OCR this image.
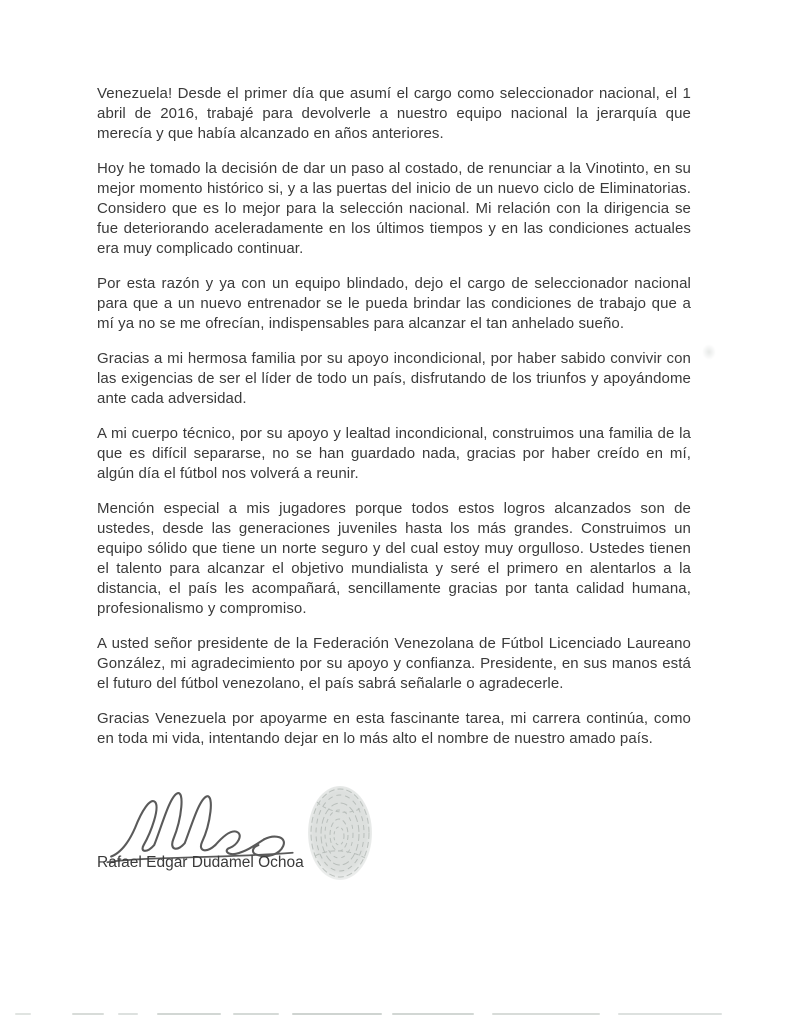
Venezuela! Desde el primer día que asumí el cargo como seleccionador nacional, el 1 abril de 2016, trabajé para devolverle a nuestro equipo nacional la jerarquía que merecía y que había alcanzado en años anteriores.

Hoy he tomado la decisión de dar un paso al costado, de renunciar a la Vinotinto, en su mejor momento histórico si, y a las puertas del inicio de un nuevo ciclo de Eliminatorias. Considero que es lo mejor para la selección nacional. Mi relación con la dirigencia se fue deteriorando aceleradamente en los últimos tiempos y en las condiciones actuales era muy complicado continuar.

Por esta razón y ya con un equipo blindado, dejo el cargo de seleccionador nacional para que a un nuevo entrenador se le pueda brindar las condiciones de trabajo que a mí ya no se me ofrecían, indispensables para alcanzar el tan anhelado sueño.

Gracias a mi hermosa familia por su apoyo incondicional, por haber sabido convivir con las exigencias de ser el líder de todo un país, disfrutando de los triunfos y apoyándome ante cada adversidad.

A mi cuerpo técnico, por su apoyo y lealtad incondicional, construimos una familia de la que es difícil separarse, no se han guardado nada, gracias por haber creído en mí, algún día el fútbol nos volverá a reunir.

Mención especial a mis jugadores porque todos estos logros alcanzados son de ustedes, desde las generaciones juveniles hasta los más grandes. Construimos un equipo sólido que tiene un norte seguro y del cual estoy muy orgulloso. Ustedes tienen el talento para alcanzar el objetivo mundialista y seré el primero en alentarlos a la distancia, el país les acompañará, sencillamente gracias por tanta calidad humana, profesionalismo y compromiso.

A usted señor presidente de la Federación Venezolana de Fútbol Licenciado Laureano González, mi agradecimiento por su apoyo y confianza. Presidente, en sus manos está el futuro del fútbol venezolano, el país sabrá señalarle o agradecerle.

Gracias Venezuela por apoyarme en esta fascinante tarea, mi carrera continúa, como en toda mi vida, intentando dejar en lo más alto el nombre de nuestro amado país.

Rafael Edgar Dudamel Ochoa
